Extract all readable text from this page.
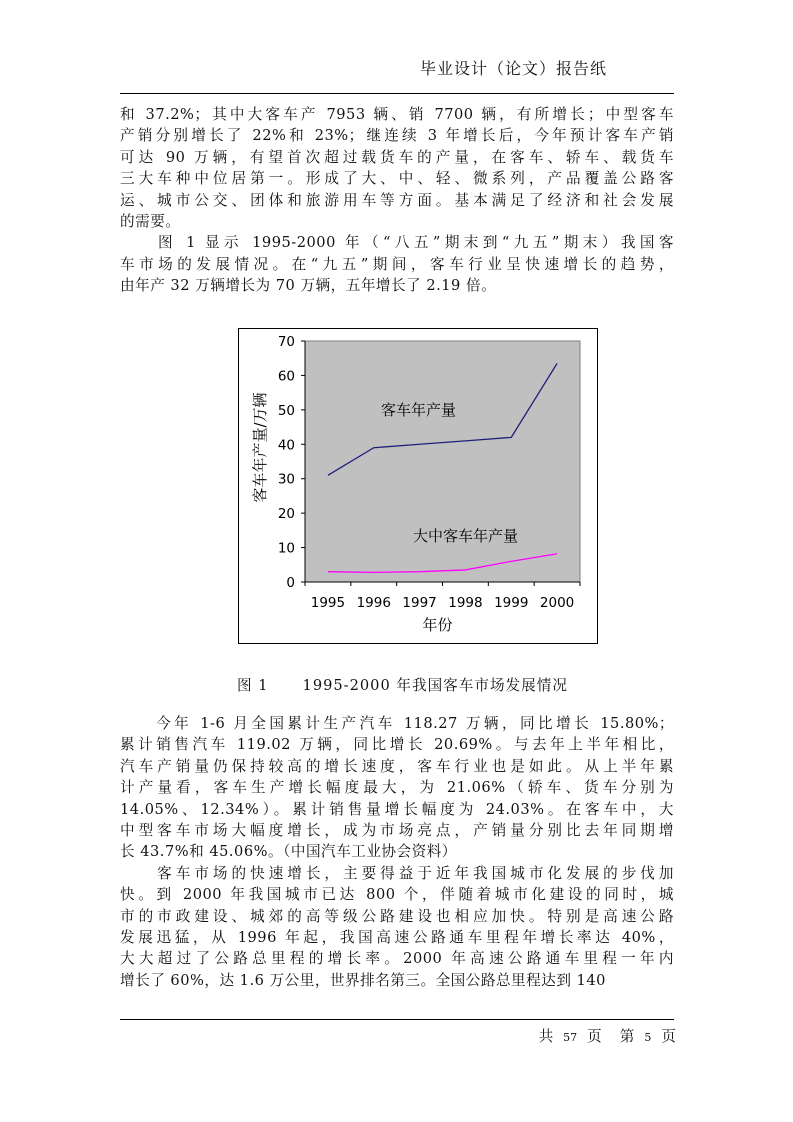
毕业设计（论文）报告纸

和 37.2%；其中大客车产 7953 辆、销 7700 辆，有所增长；中型客车

产销分别增长了 22%和 23%；继连续 3 年增长后，今年预计客车产销

可达 90 万辆，有望首次超过载货车的产量，在客车、轿车、载货车

三大车种中位居第一。形成了大、中、轻、微系列，产品覆盖公路客

运、城市公交、团体和旅游用车等方面。基本满足了经济和社会发展

的需要。

　　图 1 显示 1995-2000 年（“八五”期末到“九五”期末）我国客

车市场的发展情况。在“九五”期间，客车行业呈快速增长的趋势，

由年产 32 万辆增长为 70 万辆，五年增长了 2.19 倍。

0
10
20
30
40
50
60
70
1995 1996 1997 1998 1999 2000
年份
客车年产量/万辆	客车年产量
大中客车年产量
图 1 1995-2000 年我国客车市场发展情况

　　今年 1-6 月全国累计生产汽车 118.27 万辆，同比增长 15.80%；

累计销售汽车 119.02 万辆，同比增长 20.69%。与去年上半年相比，

汽车产销量仍保持较高的增长速度，客车行业也是如此。从上半年累

计产量看，客车生产增长幅度最大，为 21.06%（轿车、货车分别为

14.05%、12.34%）。累计销售量增长幅度为 24.03%。在客车中，大

中型客车市场大幅度增长，成为市场亮点，产销量分别比去年同期增

长 43.7%和 45.06%。（中国汽车工业协会资料）

　　客车市场的快速增长，主要得益于近年我国城市化发展的步伐加

快。到 2000 年我国城市已达 800 个，伴随着城市化建设的同时，城

市的市政建设、城郊的高等级公路建设也相应加快。特别是高速公路

发展迅猛，从 1996 年起，我国高速公路通车里程年增长率达 40%，

大大超过了公路总里程的增长率。2000 年高速公路通车里程一年内

增长了 60%，达 1.6 万公里，世界排名第三。全国公路总里程达到 140

共 57 页 第 5 页
